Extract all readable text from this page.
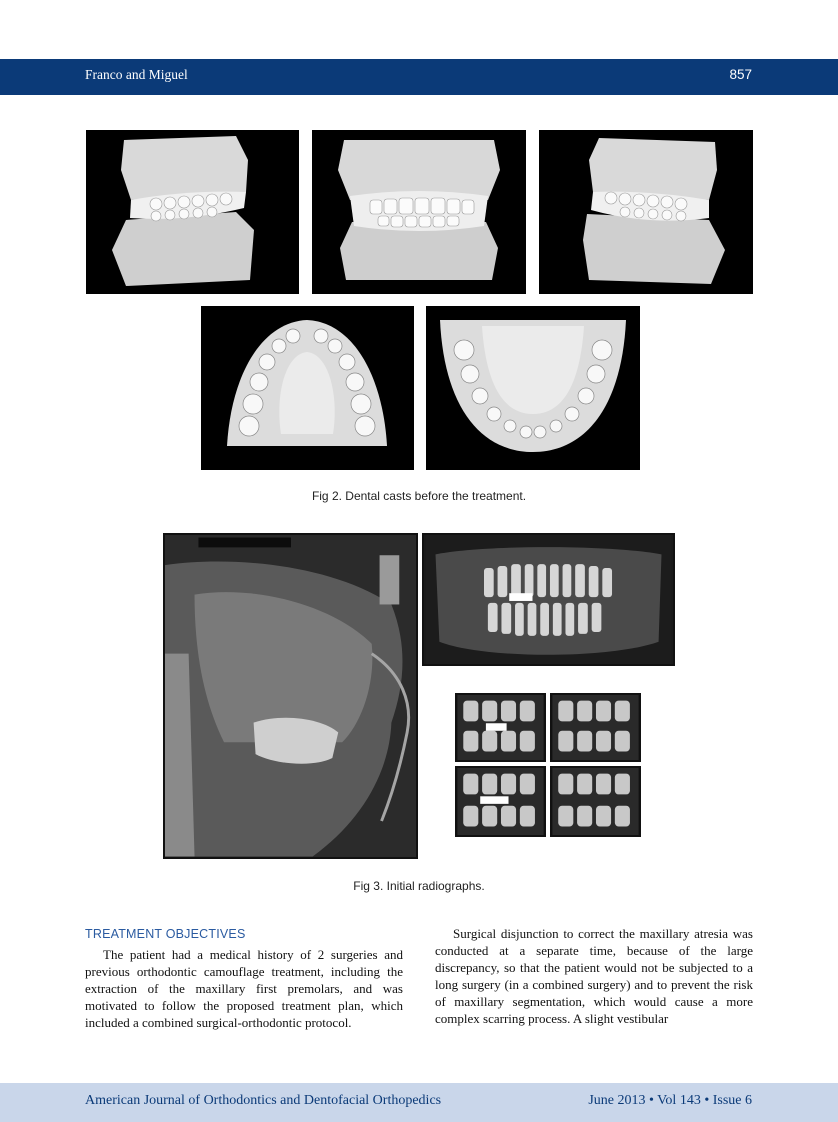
Franco and Miguel	857
Fig 2. Dental casts before the treatment.
Fig 3. Initial radiographs.
TREATMENT OBJECTIVES

The patient had a medical history of 2 surgeries and previous orthodontic camouflage treatment, including the extraction of the maxillary first premolars, and was motivated to follow the proposed treatment plan, which included a combined surgical-orthodontic protocol.

Surgical disjunction to correct the maxillary atresia was conducted at a separate time, because of the large discrepancy, so that the patient would not be subjected to a long surgery (in a combined surgery) and to prevent the risk of maxillary segmentation, which would cause a more complex scarring process. A slight vestibular

American Journal of Orthodontics and Dentofacial Orthopedics	June 2013 • Vol 143 • Issue 6
